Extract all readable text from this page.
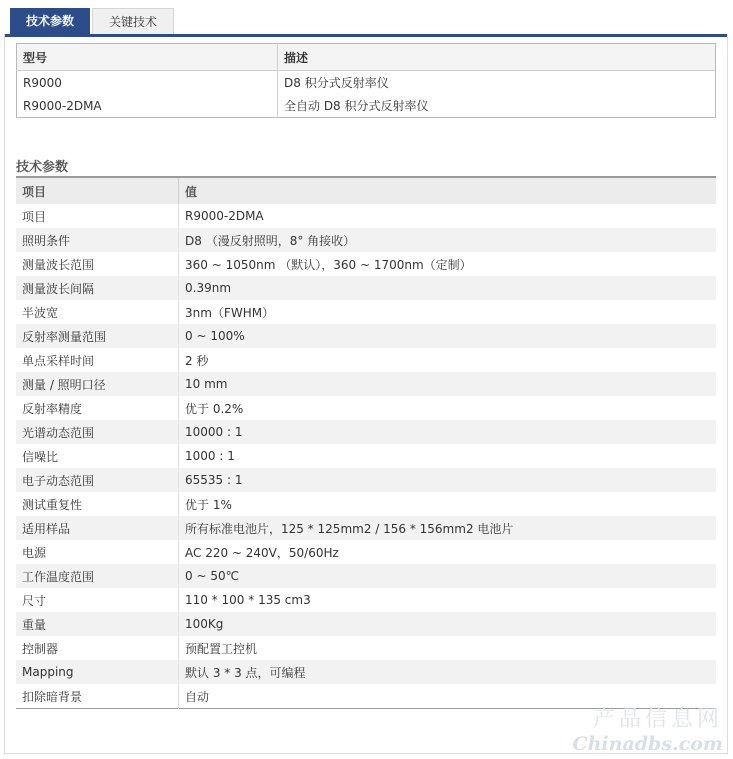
技术参数	关键技术
型号	描述
R9000	D8 积分式反射率仪
R9000-2DMA	全自动 D8 积分式反射率仪
技术参数
项目	值
项目	R9000-2DMA
照明条件	D8 （漫反射照明，8° 角接收）
测量波长范围	360 ~ 1050nm （默认），360 ~ 1700nm（定制）
测量波长间隔	0.39nm
半波宽	3nm（FWHM）
反射率测量范围	0 ~ 100%
单点采样时间	2 秒
测量 / 照明口径	10 mm
反射率精度	优于 0.2%
光谱动态范围	10000 : 1
信噪比	1000 : 1
电子动态范围	65535 : 1
测试重复性	优于 1%
适用样品	所有标准电池片，125 * 125mm2 / 156 * 156mm2 电池片
电源	AC 220 ~ 240V，50/60Hz
工作温度范围	0 ~ 50℃
尺寸	110 * 100 * 135 cm3
重量	100Kg
控制器	预配置工控机
Mapping	默认 3 * 3 点，可编程
扣除暗背景	自动
产品信息网
Chinadbs.com
